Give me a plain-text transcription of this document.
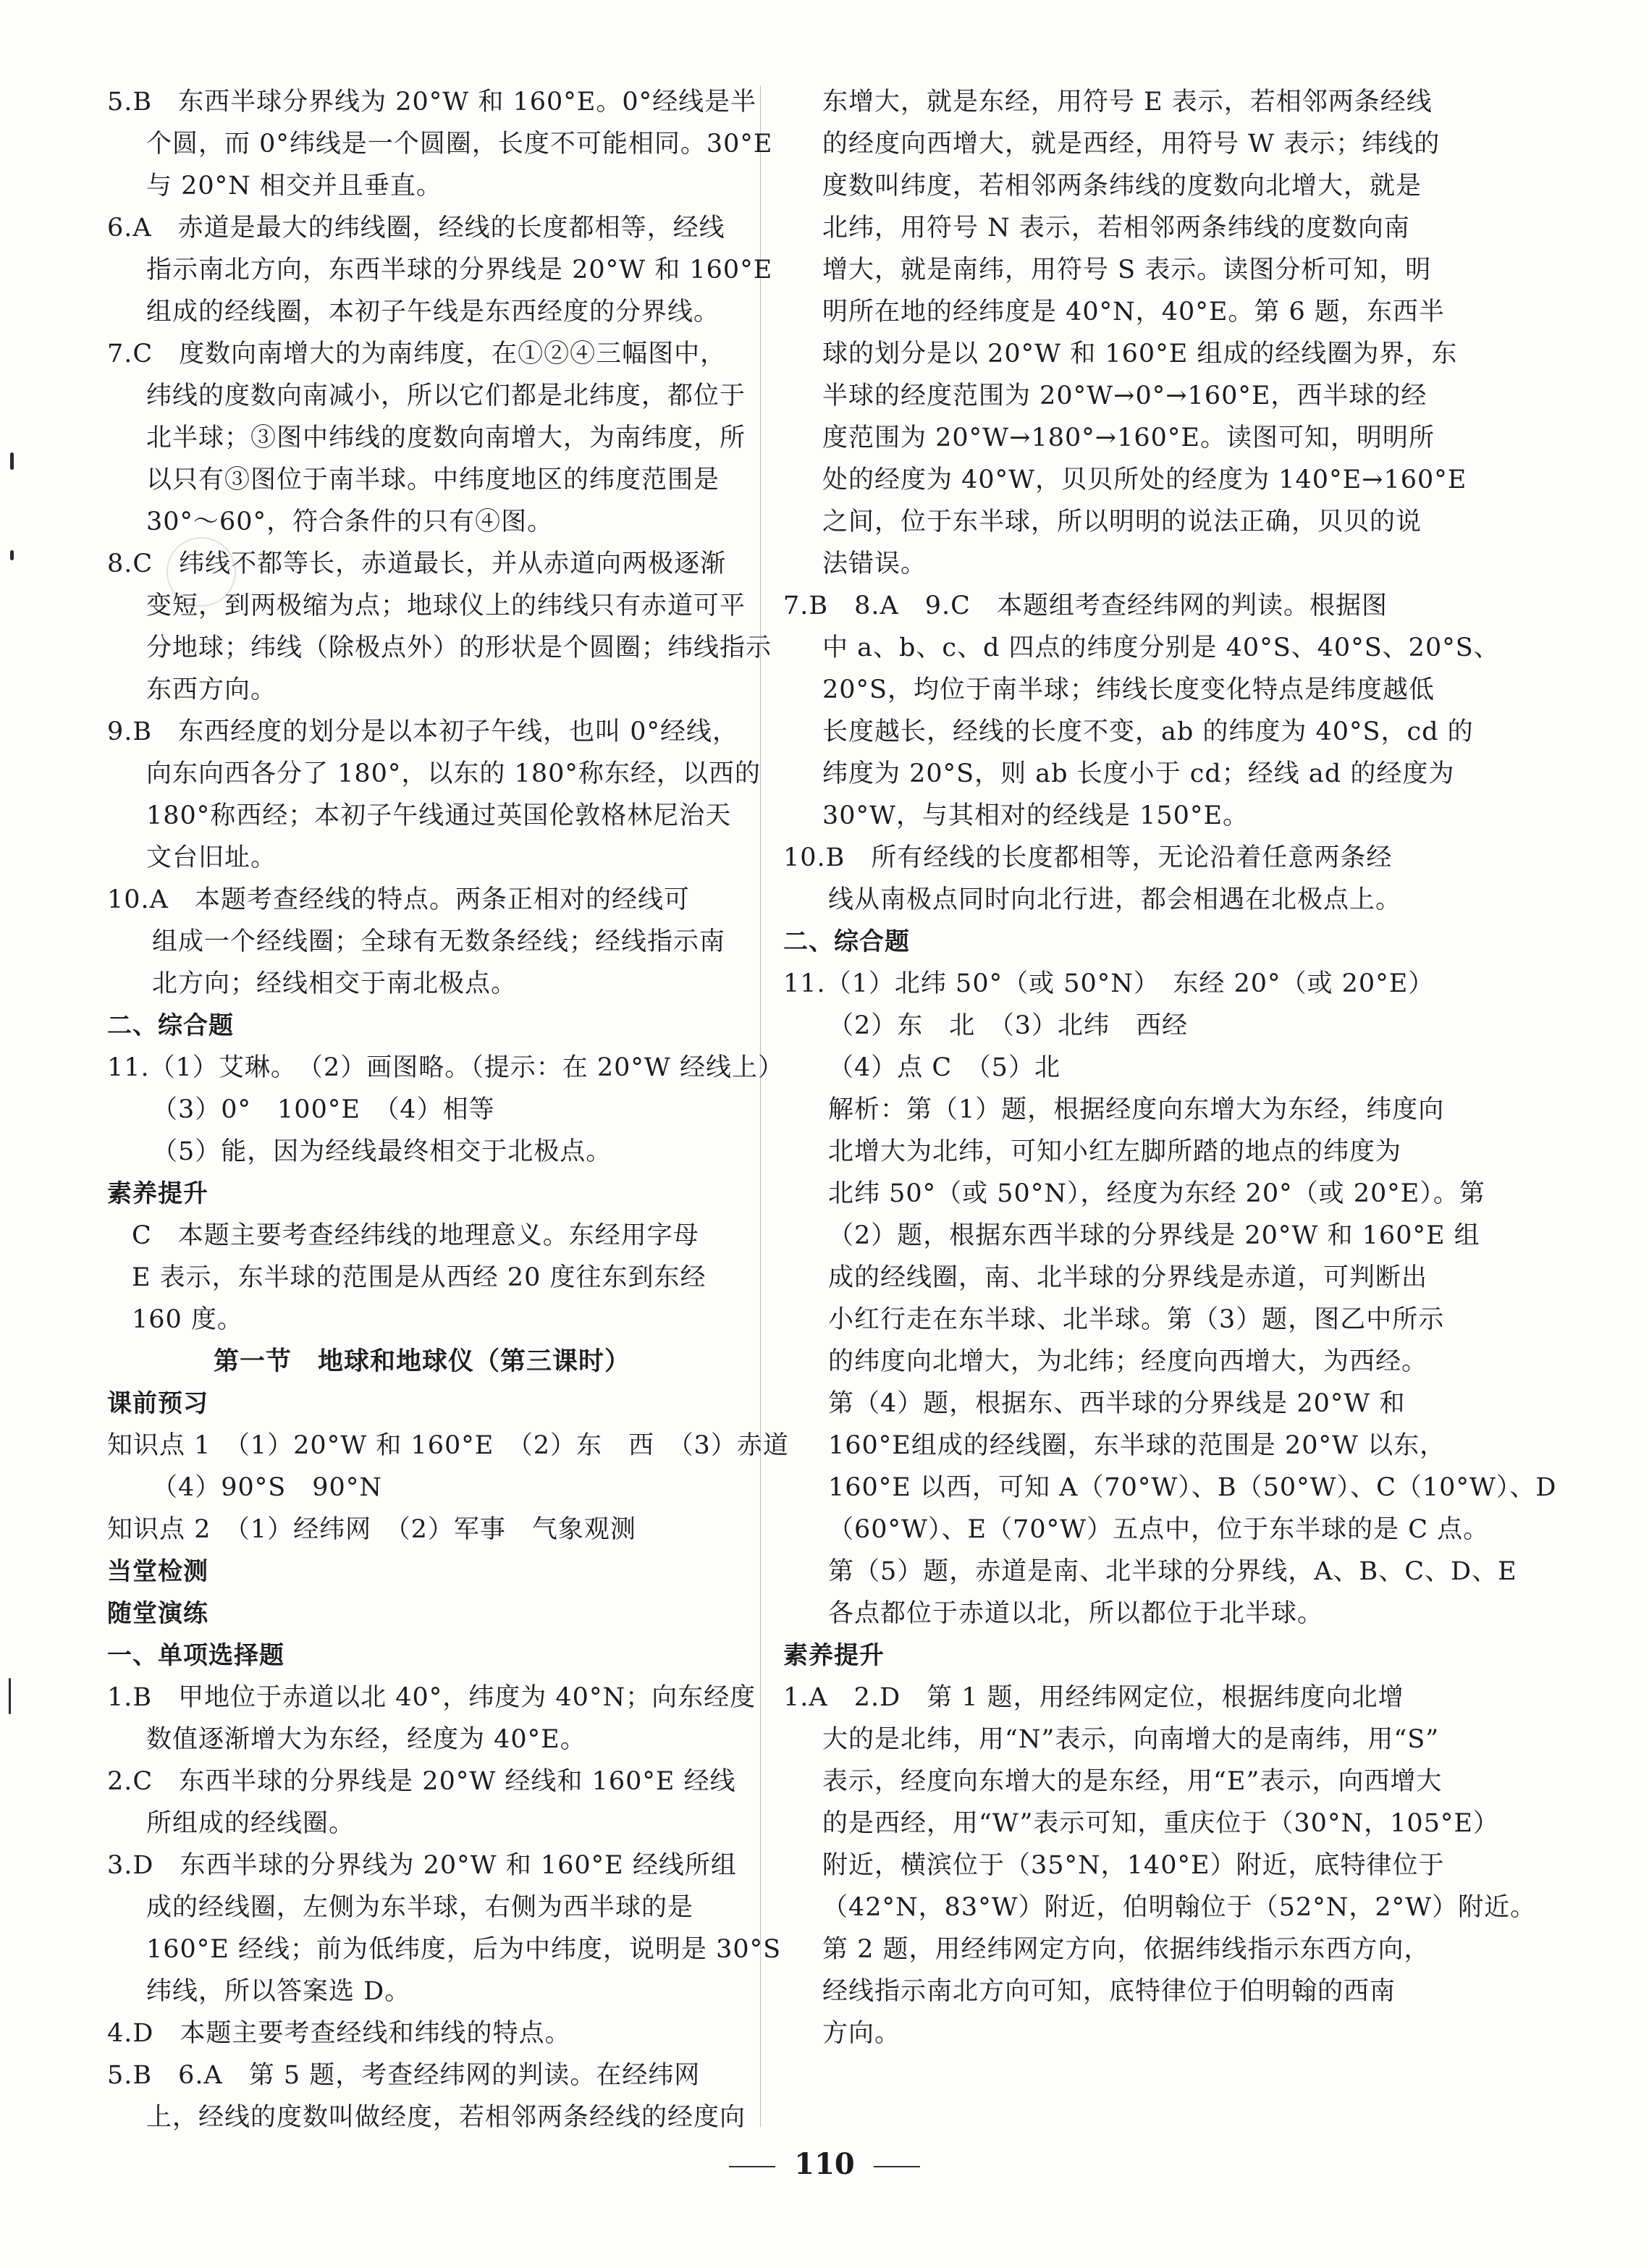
5.B　东西半球分界线为 20°W 和 160°E。0°经线是半
个圆，而 0°纬线是一个圆圈，长度不可能相同。30°E
与 20°N 相交并且垂直。
6.A　赤道是最大的纬线圈，经线的长度都相等，经线
指示南北方向，东西半球的分界线是 20°W 和 160°E
组成的经线圈，本初子午线是东西经度的分界线。
7.C　度数向南增大的为南纬度，在①②④三幅图中，
纬线的度数向南减小，所以它们都是北纬度，都位于
北半球；③图中纬线的度数向南增大，为南纬度，所
以只有③图位于南半球。中纬度地区的纬度范围是
30°～60°，符合条件的只有④图。
8.C　纬线不都等长，赤道最长，并从赤道向两极逐渐
变短，到两极缩为点；地球仪上的纬线只有赤道可平
分地球；纬线（除极点外）的形状是个圆圈；纬线指示
东西方向。
9.B　东西经度的划分是以本初子午线，也叫 0°经线，
向东向西各分了 180°，以东的 180°称东经，以西的
180°称西经；本初子午线通过英国伦敦格林尼治天
文台旧址。
10.A　本题考查经线的特点。两条正相对的经线可
组成一个经线圈；全球有无数条经线；经线指示南
北方向；经线相交于南北极点。
二、综合题
11.（1）艾琳。　（2）画图略。（提示：在 20°W 经线上）
（3）0°　100°E　（4）相等
（5）能，因为经线最终相交于北极点。
素养提升
C　本题主要考查经纬线的地理意义。东经用字母
E 表示，东半球的范围是从西经 20 度往东到东经
160 度。
第一节　地球和地球仪（第三课时）
课前预习
知识点 1　（1）20°W 和 160°E　（2）东　西　（3）赤道
（4）90°S　90°N
知识点 2　（1）经纬网　（2）军事　气象观测
当堂检测
随堂演练
一、单项选择题
1.B　甲地位于赤道以北 40°，纬度为 40°N；向东经度
数值逐渐增大为东经，经度为 40°E。
2.C　东西半球的分界线是 20°W 经线和 160°E 经线
所组成的经线圈。
3.D　东西半球的分界线为 20°W 和 160°E 经线所组
成的经线圈，左侧为东半球，右侧为西半球的是
160°E 经线；前为低纬度，后为中纬度，说明是 30°S
纬线，所以答案选 D。
4.D　本题主要考查经线和纬线的特点。
5.B　6.A　第 5 题，考查经纬网的判读。在经纬网
上，经线的度数叫做经度，若相邻两条经线的经度向
东增大，就是东经，用符号 E 表示，若相邻两条经线
的经度向西增大，就是西经，用符号 W 表示；纬线的
度数叫纬度，若相邻两条纬线的度数向北增大，就是
北纬，用符号 N 表示，若相邻两条纬线的度数向南
增大，就是南纬，用符号 S 表示。读图分析可知，明
明所在地的经纬度是 40°N，40°E。第 6 题，东西半
球的划分是以 20°W 和 160°E 组成的经线圈为界，东
半球的经度范围为 20°W→0°→160°E，西半球的经
度范围为 20°W→180°→160°E。读图可知，明明所
处的经度为 40°W，贝贝所处的经度为 140°E→160°E
之间，位于东半球，所以明明的说法正确，贝贝的说
法错误。
7.B　8.A　9.C　本题组考查经纬网的判读。根据图
中 a、b、c、d 四点的纬度分别是 40°S、40°S、20°S、
20°S，均位于南半球；纬线长度变化特点是纬度越低
长度越长，经线的长度不变，ab 的纬度为 40°S，cd 的
纬度为 20°S，则 ab 长度小于 cd；经线 ad 的经度为
30°W，与其相对的经线是 150°E。
10.B　所有经线的长度都相等，无论沿着任意两条经
线从南极点同时向北行进，都会相遇在北极点上。
二、综合题
11.（1）北纬 50°（或 50°N）　东经 20°（或 20°E）
（2）东　北　（3）北纬　西经
（4）点 C　（5）北
解析：第（1）题，根据经度向东增大为东经，纬度向
北增大为北纬，可知小红左脚所踏的地点的纬度为
北纬 50°（或 50°N），经度为东经 20°（或 20°E）。第
（2）题，根据东西半球的分界线是 20°W 和 160°E 组
成的经线圈，南、北半球的分界线是赤道，可判断出
小红行走在东半球、北半球。第（3）题，图乙中所示
的纬度向北增大，为北纬；经度向西增大，为西经。
第（4）题，根据东、西半球的分界线是 20°W 和
160°E组成的经线圈，东半球的范围是 20°W 以东，
160°E 以西，可知 A（70°W）、B（50°W）、C（10°W）、D
（60°W）、E（70°W）五点中，位于东半球的是 C 点。
第（5）题，赤道是南、北半球的分界线，A、B、C、D、E
各点都位于赤道以北，所以都位于北半球。
素养提升
1.A　2.D　第 1 题，用经纬网定位，根据纬度向北增
大的是北纬，用“N”表示，向南增大的是南纬，用“S”
表示，经度向东增大的是东经，用“E”表示，向西增大
的是西经，用“W”表示可知，重庆位于（30°N，105°E）
附近，横滨位于（35°N，140°E）附近，底特律位于
（42°N，83°W）附近，伯明翰位于（52°N，2°W）附近。
第 2 题，用经纬网定方向，依据纬线指示东西方向，
经线指示南北方向可知，底特律位于伯明翰的西南
方向。
110
